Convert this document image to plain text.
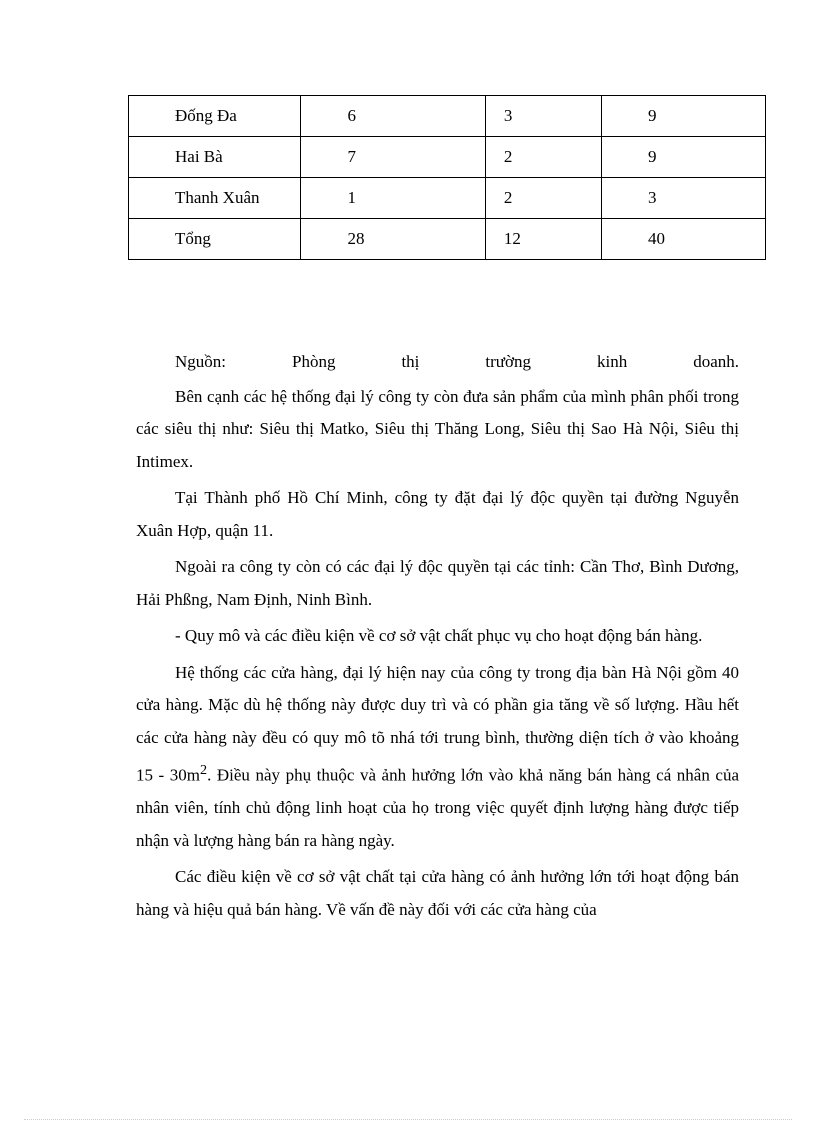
Đống Đa	6	3	9
Hai Bà	7	2	9
Thanh Xuân	1	2	3
Tổng	28	12	40

Nguồn: Phòng thị trường kinh doanh.

Bên cạnh các hệ thống đại lý công ty còn đưa sản phẩm của mình phân phối trong các siêu thị như: Siêu thị Matko, Siêu thị Thăng Long, Siêu thị Sao Hà Nội, Siêu thị Intimex.

Tại Thành phố Hồ Chí Minh, công ty đặt đại lý độc quyền tại đường Nguyễn Xuân Hợp, quận 11.

Ngoài ra công ty còn có các đại lý độc quyền tại các tỉnh: Cần Thơ, Bình Dương, Hải Phßng, Nam Định, Ninh Bình.

- Quy mô và các điều kiện về cơ sở vật chất phục vụ cho hoạt động bán hàng.

Hệ thống các cửa hàng, đại lý hiện nay của công ty trong địa bàn Hà Nội gồm 40 cửa hàng. Mặc dù hệ thống này được duy trì và có phần gia tăng về số lượng. Hầu hết các cửa hàng này đều có quy mô tõ nhá tới trung bình, thường diện tích ở vào khoảng $15 - 30m^2$. Điều này phụ thuộc và ảnh hưởng lớn vào khả năng bán hàng cá nhân của nhân viên, tính chủ động linh hoạt của họ trong việc quyết định lượng hàng được tiếp nhận và lượng hàng bán ra hàng ngày.

Các điều kiện về cơ sở vật chất tại cửa hàng có ảnh hưởng lớn tới hoạt động bán hàng và hiệu quả bán hàng. Về vấn đề này đối với các cửa hàng của
